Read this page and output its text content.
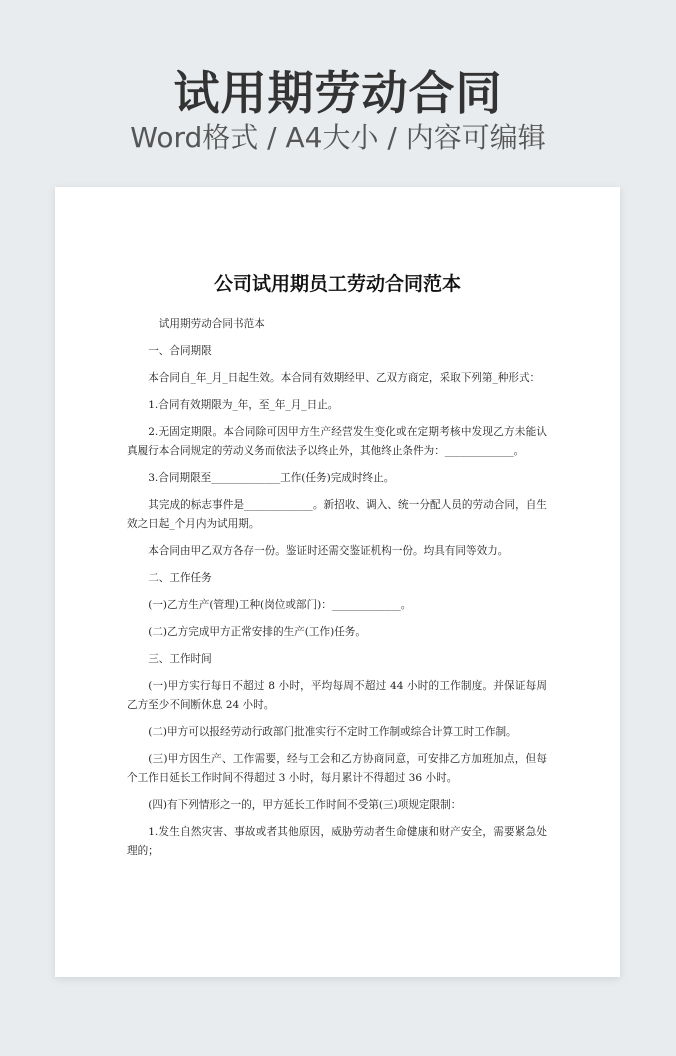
试用期劳动合同
Word格式 / A4大小 / 内容可编辑
公司试用期员工劳动合同范本

试用期劳动合同书范本

一、合同期限

本合同自_年_月_日起生效。本合同有效期经甲、乙双方商定，采取下列第_种形式：

1.合同有效期限为_年，至_年_月_日止。

2.无固定期限。本合同除可因甲方生产经营发生变化或在定期考核中发现乙方未能认真履行本合同规定的劳动义务而依法予以终止外，其他终止条件为：_____________。

3.合同期限至_____________工作(任务)完成时终止。

其完成的标志事件是_____________。新招收、调入、统一分配人员的劳动合同，自生效之日起_个月内为试用期。

本合同由甲乙双方各存一份。鉴证时还需交鉴证机构一份。均具有同等效力。

二、工作任务

(一)乙方生产(管理)工种(岗位或部门)：_____________。

(二)乙方完成甲方正常安排的生产(工作)任务。

三、工作时间

(一)甲方实行每日不超过 8 小时，平均每周不超过 44 小时的工作制度。并保证每周乙方至少不间断休息 24 小时。

(二)甲方可以报经劳动行政部门批准实行不定时工作制或综合计算工时工作制。

(三)甲方因生产、工作需要，经与工会和乙方协商同意，可安排乙方加班加点，但每个工作日延长工作时间不得超过 3 小时，每月累计不得超过 36 小时。

(四)有下列情形之一的，甲方延长工作时间不受第(三)项规定限制：

1.发生自然灾害、事故或者其他原因，威胁劳动者生命健康和财产安全，需要紧急处理的；
